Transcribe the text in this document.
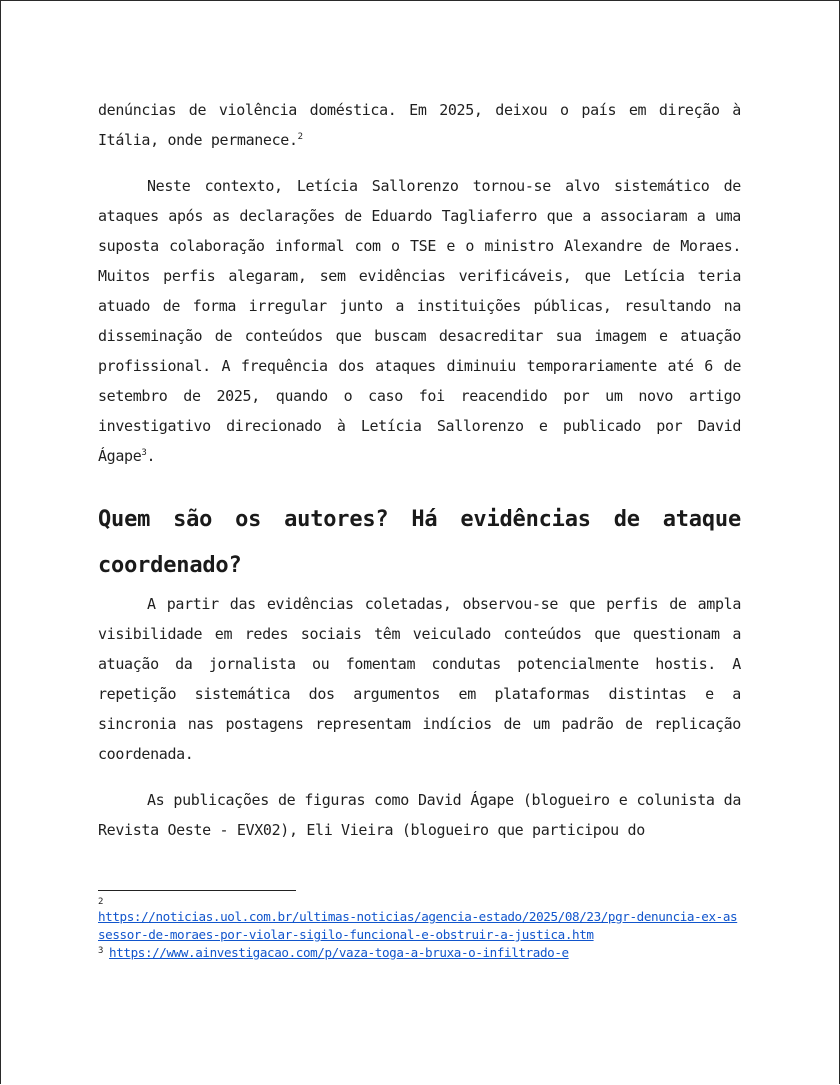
denúncias de violência doméstica. Em 2025, deixou o país em direção à Itália, onde permanece.$^2$

Neste contexto, Letícia Sallorenzo tornou-se alvo sistemático de ataques após as declarações de Eduardo Tagliaferro que a associaram a uma suposta colaboração informal com o TSE e o ministro Alexandre de Moraes. Muitos perfis alegaram, sem evidências verificáveis, que Letícia teria atuado de forma irregular junto a instituições públicas, resultando na disseminação de conteúdos que buscam desacreditar sua imagem e atuação profissional. A frequência dos ataques diminuiu temporariamente até 6 de setembro de 2025, quando o caso foi reacendido por um novo artigo investigativo direcionado à Letícia Sallorenzo e publicado por David Ágape$^3$.

Quem são os autores? Há evidências de ataque coordenado?

A partir das evidências coletadas, observou-se que perfis de ampla visibilidade em redes sociais têm veiculado conteúdos que questionam a atuação da jornalista ou fomentam condutas potencialmente hostis. A repetição sistemática dos argumentos em plataformas distintas e a sincronia nas postagens representam indícios de um padrão de replicação coordenada.

As publicações de figuras como David Ágape (blogueiro e colunista da Revista Oeste - EVX02), Eli Vieira (blogueiro que participou do

2
https://noticias.uol.com.br/ultimas-noticias/agencia-estado/2025/08/23/pgr-denuncia-ex-assessor-de-moraes-por-violar-sigilo-funcional-e-obstruir-a-justica.htm
$^3$ https://www.ainvestigacao.com/p/vaza-toga-a-bruxa-o-infiltrado-e
